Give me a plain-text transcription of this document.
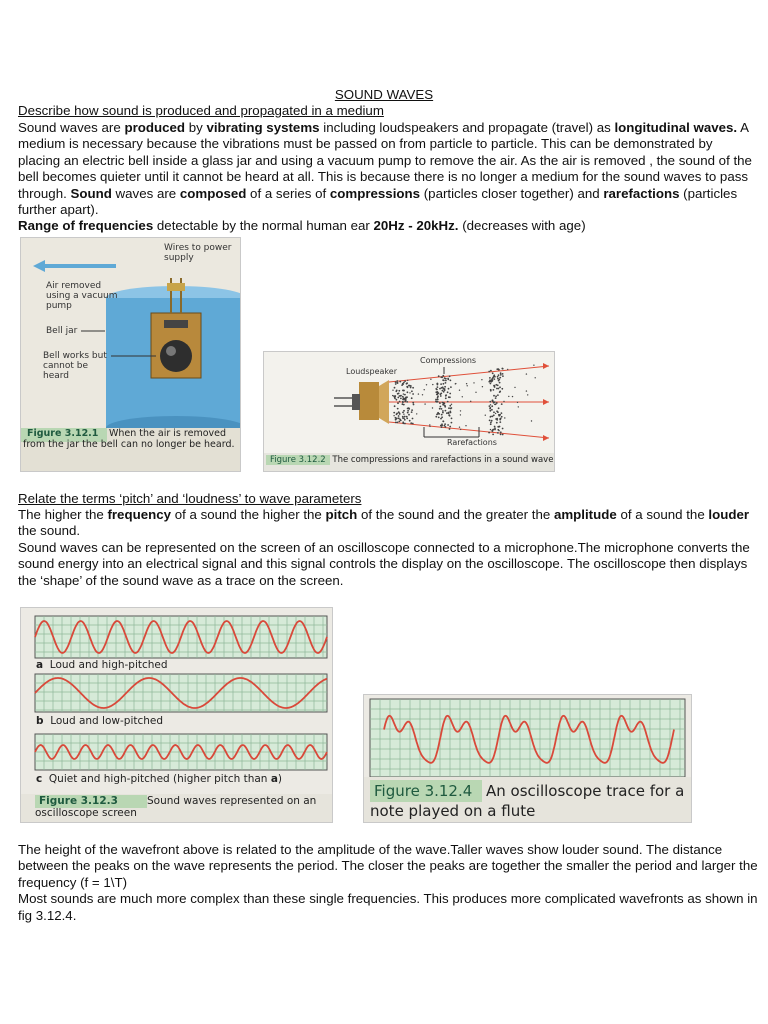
SOUND WAVES
Describe how sound is produced and propagated in a medium
Sound waves are produced by vibrating systems including loudspeakers and propagate (travel) as longitudinal waves. A medium is necessary because the vibrations must be passed on from particle to particle. This can be demonstrated by placing an electric bell inside a glass jar and using a vacuum pump to remove the air. As the air is removed , the sound of the bell becomes quieter until it cannot be heard at all. This is because there is no longer a medium for the sound waves to pass through. Sound waves are composed of a series of compressions (particles closer together) and rarefactions (particles further apart).
Range of frequencies detectable by the normal human ear 20Hz - 20kHz. (decreases with age)
Wires to power supply
Air removed using a vacuum pump
Bell jar
Bell works but cannot be heard
Figure 3.12.1	When the air is removed from the jar the bell can no longer be heard.
Loudspeaker
Compressions
Rarefactions
Figure 3.12.2 The compressions and rarefactions in a sound wave
Relate the terms ‘pitch’ and ‘loudness’ to wave parameters
The higher the frequency of a sound the higher the pitch of the sound and the greater the amplitude of a sound the louder the sound.
Sound waves can be represented on the screen of an oscilloscope connected to a microphone.The microphone converts the sound energy into an electrical signal and this signal controls the display on the oscilloscope. The oscilloscope then displays the ‘shape’ of the sound wave as a trace on the screen.
a Loud and high-pitched
b Loud and low-pitched
c Quiet and high-pitched (higher pitch than a)
Figure 3.12.3	Sound waves represented on an oscilloscope screen
Figure 3.12.4 An oscilloscope trace for a note played on a flute
The height of the wavefront above is related to the amplitude of the wave.Taller waves show louder sound. The distance between the peaks on the wave represents the period. The closer the peaks are together the smaller the period and larger the frequency (f = 1\T)
Most sounds are much more complex than these single frequencies. This produces more complicated wavefronts as shown in fig 3.12.4.
